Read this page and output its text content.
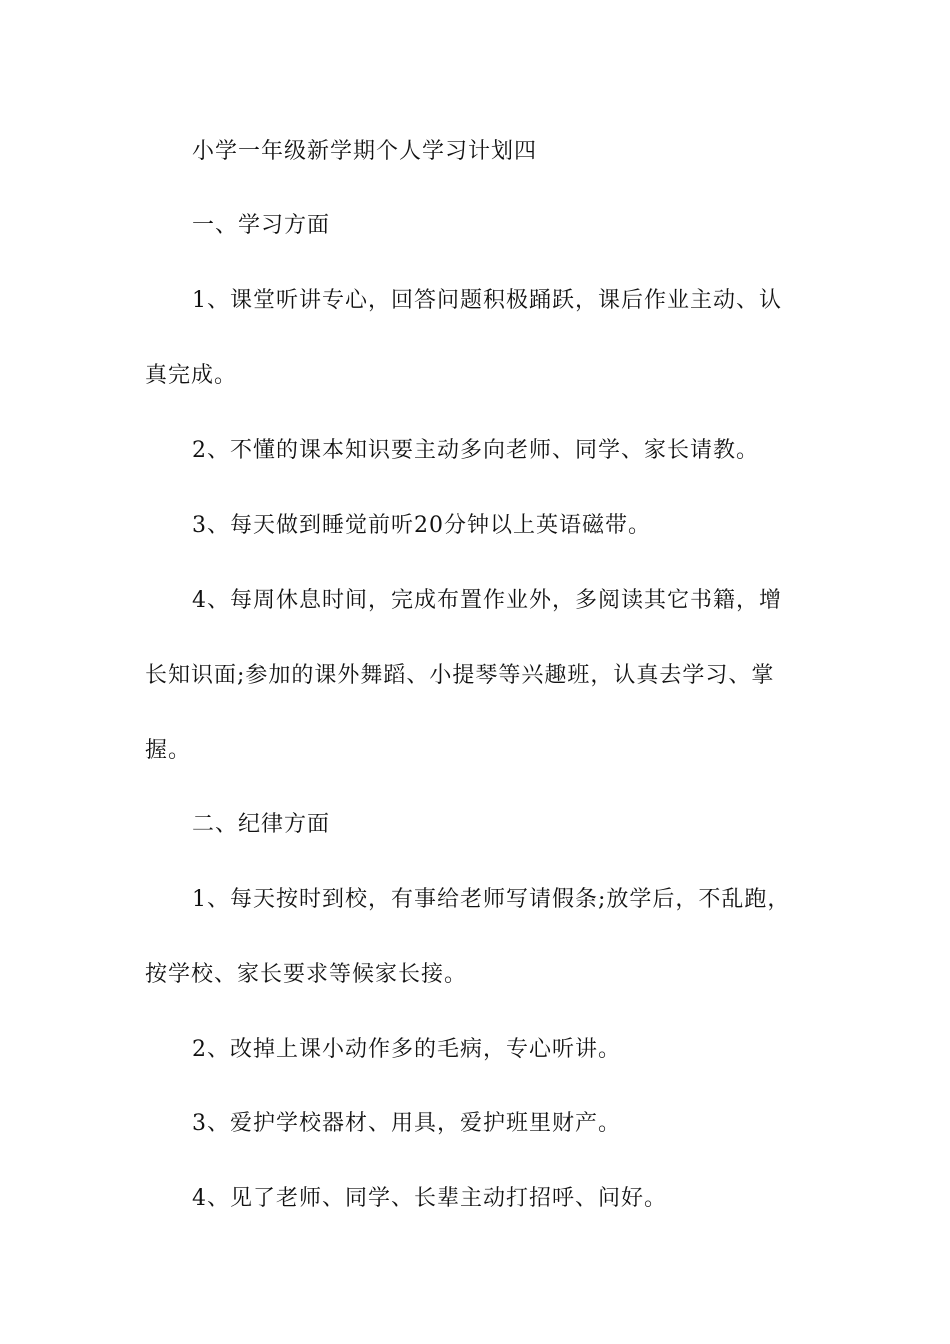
小学一年级新学期个人学习计划四
一、学习方面
1、课堂听讲专心，回答问题积极踊跃，课后作业主动、认
真完成。
2、不懂的课本知识要主动多向老师、同学、家长请教。
3、每天做到睡觉前听20分钟以上英语磁带。
4、每周休息时间，完成布置作业外，多阅读其它书籍，增
长知识面;参加的课外舞蹈、小提琴等兴趣班，认真去学习、掌
握。
二、纪律方面
1、每天按时到校，有事给老师写请假条;放学后，不乱跑，
按学校、家长要求等候家长接。
2、改掉上课小动作多的毛病，专心听讲。
3、爱护学校器材、用具，爱护班里财产。
4、见了老师、同学、长辈主动打招呼、问好。
